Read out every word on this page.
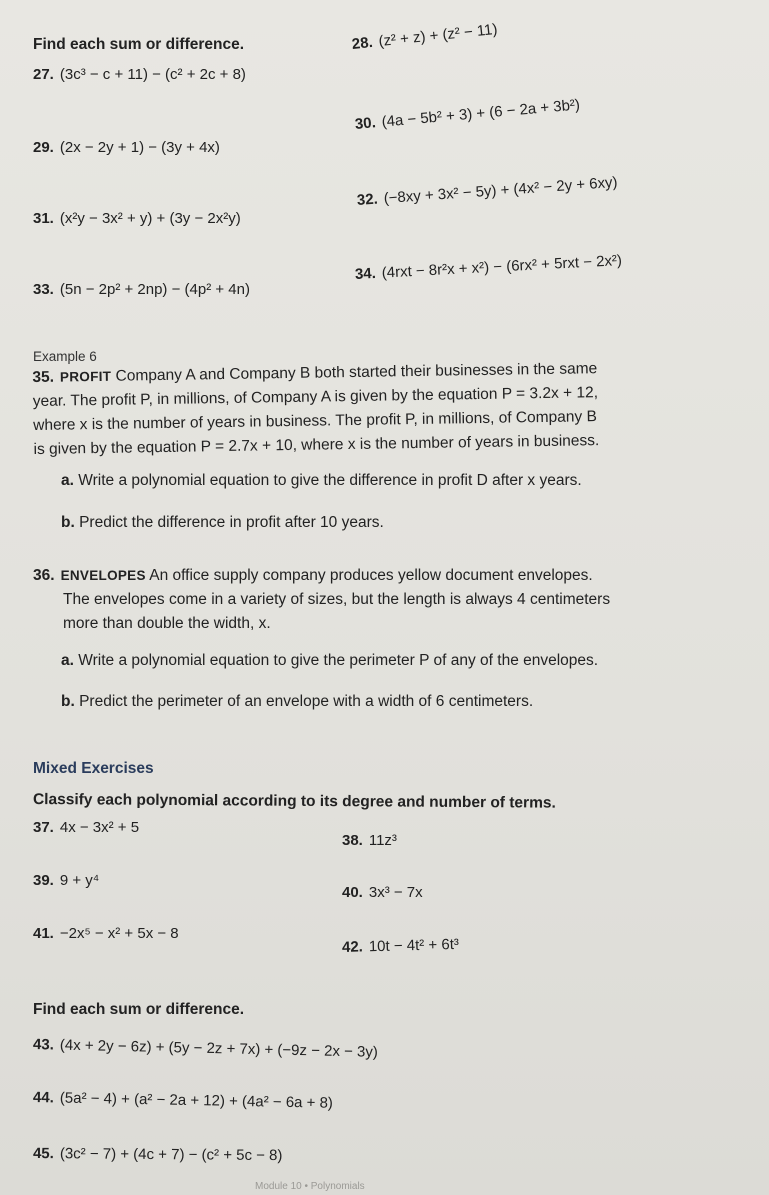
Find each sum or difference.
27. (3c³ − c + 11) − (c² + 2c + 8)
28. (z² + z) + (z² − 11)
29. (2x − 2y + 1) − (3y + 4x)
30. (4a − 5b² + 3) + (6 − 2a + 3b²)
31. (x²y − 3x² + y) + (3y − 2x²y)
32. (−8xy + 3x² − 5y) + (4x² − 2y + 6xy)
33. (5n − 2p² + 2np) − (4p² + 4n)
34. (4rxt − 8r²x + x²) − (6rx² + 5rxt − 2x²)
Example 6
35. PROFIT Company A and Company B both started their businesses in the same
year. The profit P, in millions, of Company A is given by the equation P = 3.2x + 12,
where x is the number of years in business. The profit P, in millions, of Company B
is given by the equation P = 2.7x + 10, where x is the number of years in business.
a. Write a polynomial equation to give the difference in profit D after x years.
b. Predict the difference in profit after 10 years.
36. ENVELOPES An office supply company produces yellow document envelopes.
The envelopes come in a variety of sizes, but the length is always 4 centimeters
more than double the width, x.
a. Write a polynomial equation to give the perimeter P of any of the envelopes.
b. Predict the perimeter of an envelope with a width of 6 centimeters.
Mixed Exercises
Classify each polynomial according to its degree and number of terms.
37. 4x − 3x² + 5
38. 11z³
39. 9 + y⁴
40. 3x³ − 7x
41. −2x⁵ − x² + 5x − 8
42. 10t − 4t² + 6t³
Find each sum or difference.
43. (4x + 2y − 6z) + (5y − 2z + 7x) + (−9z − 2x − 3y)
44. (5a² − 4) + (a² − 2a + 12) + (4a² − 6a + 8)
45. (3c² − 7) + (4c + 7) − (c² + 5c − 8)
Module 10 • Polynomials
